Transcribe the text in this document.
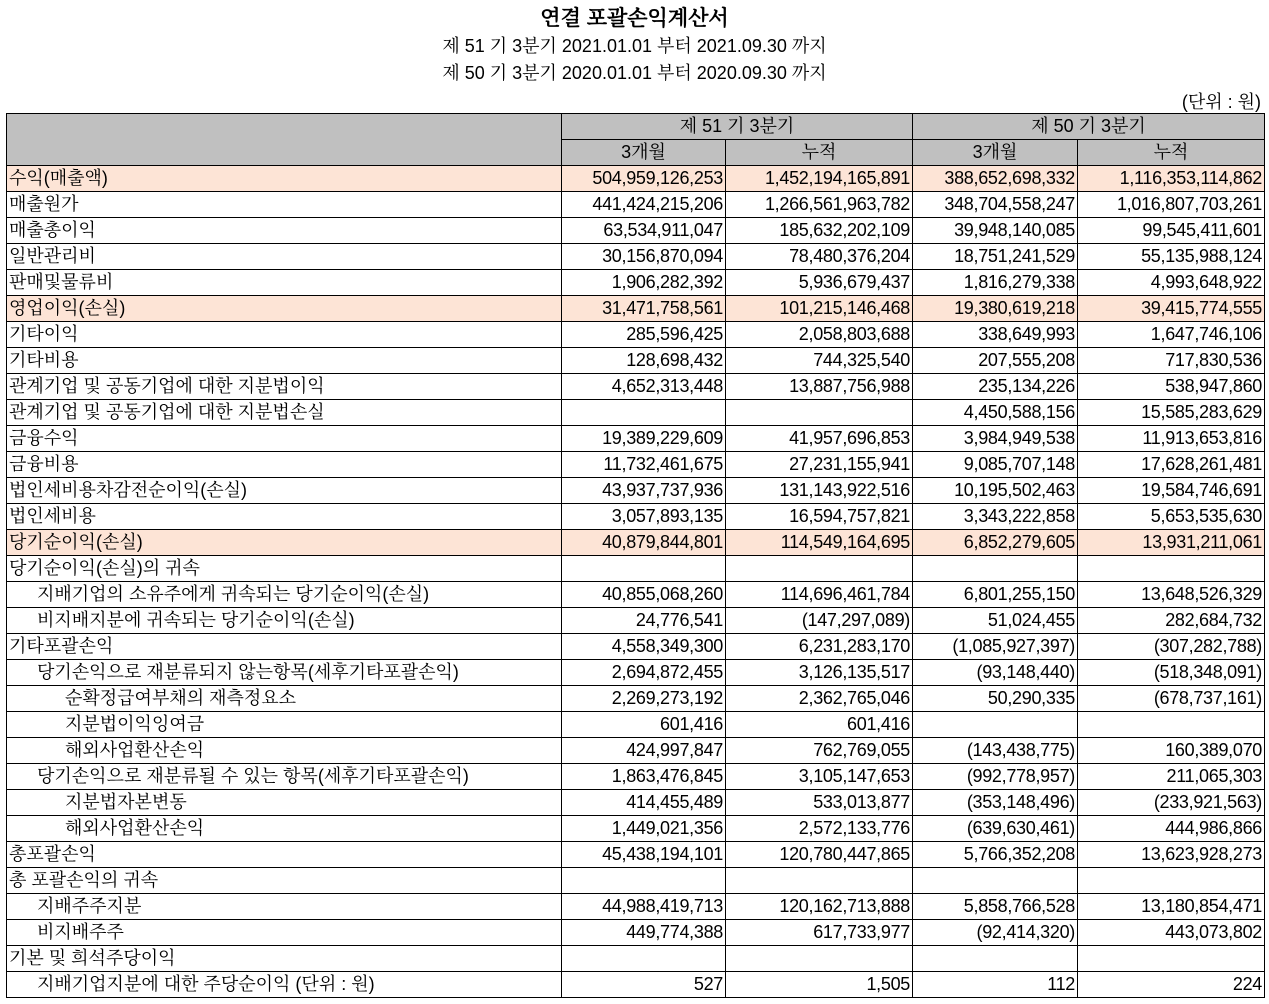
연결 포괄손익계산서
제 51 기 3분기 2021.01.01 부터 2021.09.30 까지
제 50 기 3분기 2020.01.01 부터 2020.09.30 까지
(단위 : 원)
	제 51 기 3분기		제 50 기 3분기	
	3개월	누적	3개월	누적
수익(매출액)	504,959,126,253	1,452,194,165,891	388,652,698,332	1,116,353,114,862
매출원가	441,424,215,206	1,266,561,963,782	348,704,558,247	1,016,807,703,261
매출총이익	63,534,911,047	185,632,202,109	39,948,140,085	99,545,411,601
일반관리비	30,156,870,094	78,480,376,204	18,751,241,529	55,135,988,124
판매및물류비	1,906,282,392	5,936,679,437	1,816,279,338	4,993,648,922
영업이익(손실)	31,471,758,561	101,215,146,468	19,380,619,218	39,415,774,555
기타이익	285,596,425	2,058,803,688	338,649,993	1,647,746,106
기타비용	128,698,432	744,325,540	207,555,208	717,830,536
관계기업 및 공동기업에 대한 지분법이익	4,652,313,448	13,887,756,988	235,134,226	538,947,860
관계기업 및 공동기업에 대한 지분법손실			4,450,588,156	15,585,283,629
금융수익	19,389,229,609	41,957,696,853	3,984,949,538	11,913,653,816
금융비용	11,732,461,675	27,231,155,941	9,085,707,148	17,628,261,481
법인세비용차감전순이익(손실)	43,937,737,936	131,143,922,516	10,195,502,463	19,584,746,691
법인세비용	3,057,893,135	16,594,757,821	3,343,222,858	5,653,535,630
당기순이익(손실)	40,879,844,801	114,549,164,695	6,852,279,605	13,931,211,061
당기순이익(손실)의 귀속				
지배기업의 소유주에게 귀속되는 당기순이익(손실)	40,855,068,260	114,696,461,784	6,801,255,150	13,648,526,329
비지배지분에 귀속되는 당기순이익(손실)	24,776,541	(147,297,089)	51,024,455	282,684,732
기타포괄손익	4,558,349,300	6,231,283,170	(1,085,927,397)	(307,282,788)
당기손익으로 재분류되지 않는항목(세후기타포괄손익)	2,694,872,455	3,126,135,517	(93,148,440)	(518,348,091)
순확정급여부채의 재측정요소	2,269,273,192	2,362,765,046	50,290,335	(678,737,161)
지분법이익잉여금	601,416	601,416		
해외사업환산손익	424,997,847	762,769,055	(143,438,775)	160,389,070
당기손익으로 재분류될 수 있는 항목(세후기타포괄손익)	1,863,476,845	3,105,147,653	(992,778,957)	211,065,303
지분법자본변동	414,455,489	533,013,877	(353,148,496)	(233,921,563)
해외사업환산손익	1,449,021,356	2,572,133,776	(639,630,461)	444,986,866
총포괄손익	45,438,194,101	120,780,447,865	5,766,352,208	13,623,928,273
총 포괄손익의 귀속				
지배주주지분	44,988,419,713	120,162,713,888	5,858,766,528	13,180,854,471
비지배주주	449,774,388	617,733,977	(92,414,320)	443,073,802
기본 및 희석주당이익				
지배기업지분에 대한 주당순이익 (단위 : 원)	527	1,505	112	224
